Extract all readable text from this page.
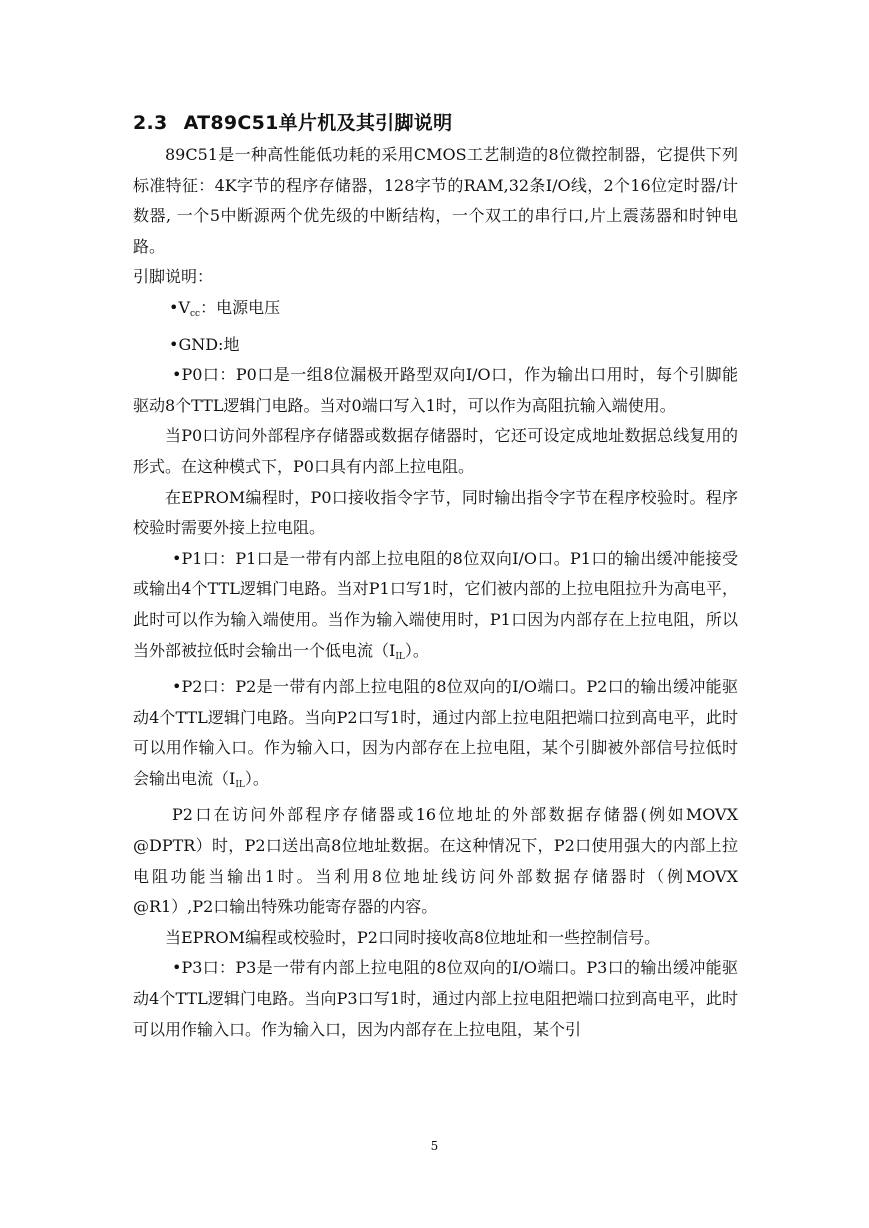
2.3 AT89C51单片机及其引脚说明

89C51是一种高性能低功耗的采用CMOS工艺制造的8位微控制器，它提供下列标准特征：4K字节的程序存储器，128字节的RAM,32条I/O线，2个16位定时器/计数器, 一个5中断源两个优先级的中断结构，一个双工的串行口,片上震荡器和时钟电路。

引脚说明：

$•V_{cc}$：电源电压

•GND:地

•P0口：P0口是一组8位漏极开路型双向I/O口，作为输出口用时，每个引脚能驱动8个TTL逻辑门电路。当对0端口写入1时，可以作为高阻抗输入端使用。

当P0口访问外部程序存储器或数据存储器时，它还可设定成地址数据总线复用的形式。在这种模式下，P0口具有内部上拉电阻。

在EPROM编程时，P0口接收指令字节，同时输出指令字节在程序校验时。程序校验时需要外接上拉电阻。

•P1口：P1口是一带有内部上拉电阻的8位双向I/O口。P1口的输出缓冲能接受或输出4个TTL逻辑门电路。当对P1口写1时，它们被内部的上拉电阻拉升为高电平，此时可以作为输入端使用。当作为输入端使用时，P1口因为内部存在上拉电阻，所以当外部被拉低时会输出一个低电流$(I_{IL})$。

•P2口：P2是一带有内部上拉电阻的8位双向的I/O端口。P2口的输出缓冲能驱动4个TTL逻辑门电路。当向P2口写1时，通过内部上拉电阻把端口拉到高电平，此时可以用作输入口。作为输入口，因为内部存在上拉电阻，某个引脚被外部信号拉低时会输出电流$(I_{IL})$。

P2口在访问外部程序存储器或16位地址的外部数据存储器(例如MOVX @DPTR）时，P2口送出高8位地址数据。在这种情况下，P2口使用强大的内部上拉电阻功能当输出1时。当利用8位地址线访问外部数据存储器时（例MOVX @R1）,P2口输出特殊功能寄存器的内容。

当EPROM编程或校验时，P2口同时接收高8位地址和一些控制信号。

•P3口：P3是一带有内部上拉电阻的8位双向的I/O端口。P3口的输出缓冲能驱动4个TTL逻辑门电路。当向P3口写1时，通过内部上拉电阻把端口拉到高电平，此时可以用作输入口。作为输入口，因为内部存在上拉电阻，某个引

5
